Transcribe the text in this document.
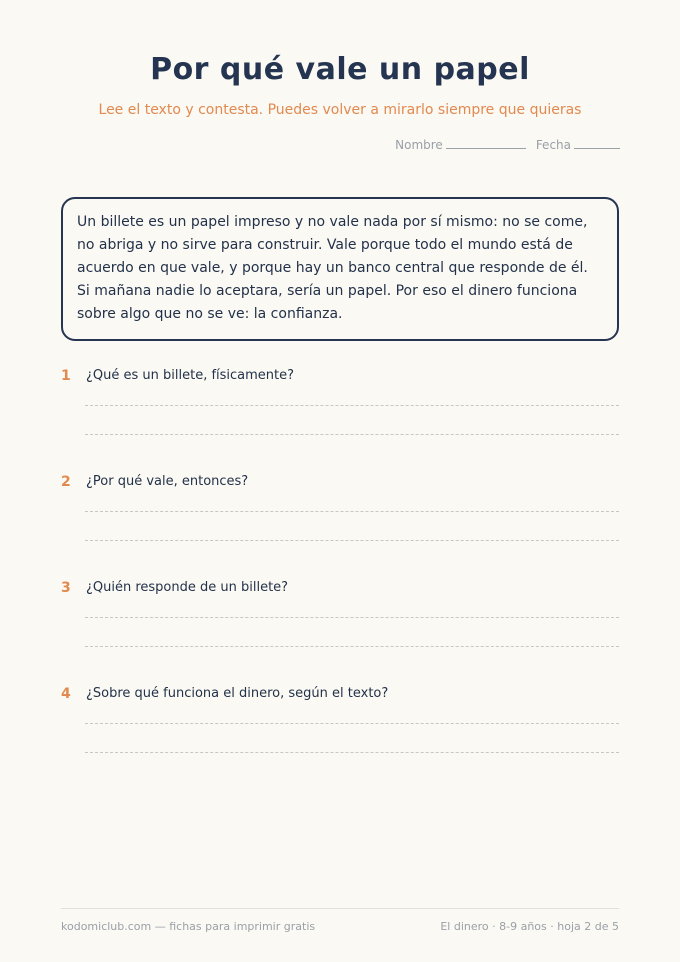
Por qué vale un papel
Lee el texto y contesta. Puedes volver a mirarlo siempre que quieras
Nombre	Fecha
Un billete es un papel impreso y no vale nada por sí mismo: no se come,
no abriga y no sirve para construir. Vale porque todo el mundo está de
acuerdo en que vale, y porque hay un banco central que responde de él.
Si mañana nadie lo aceptara, sería un papel. Por eso el dinero funciona
sobre algo que no se ve: la confianza.
1 ¿Qué es un billete, físicamente?
2 ¿Por qué vale, entonces?
3 ¿Quién responde de un billete?
4 ¿Sobre qué funciona el dinero, según el texto?
kodomiclub.com — fichas para imprimir gratis	El dinero · 8-9 años · hoja 2 de 5
